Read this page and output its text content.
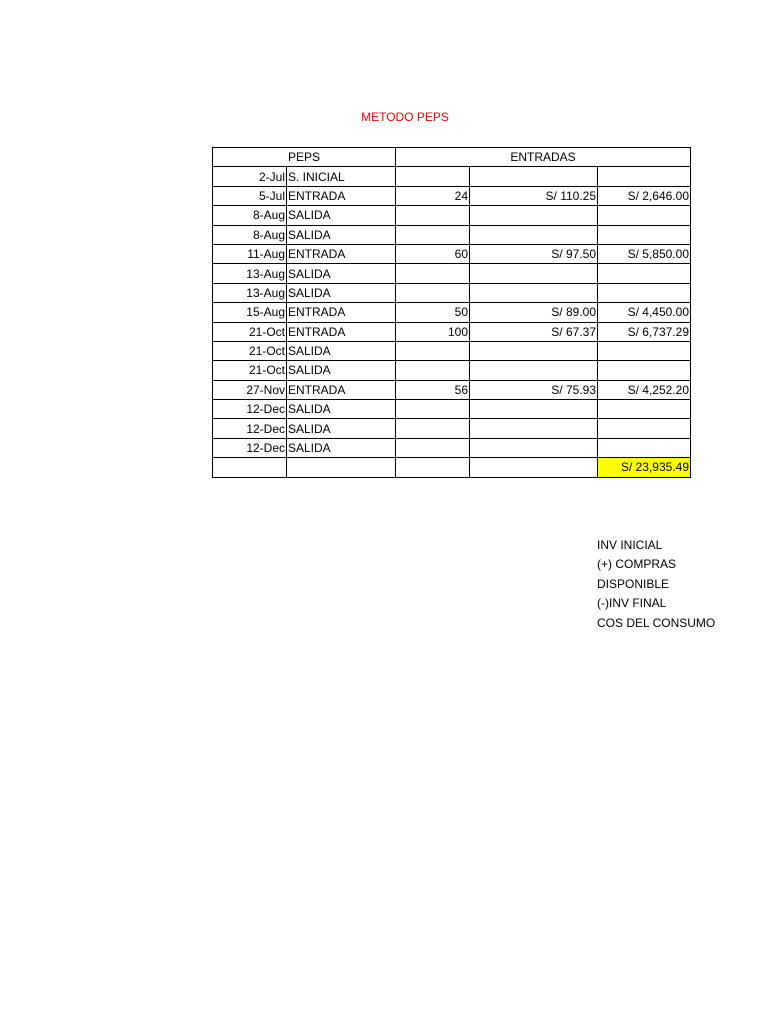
METODO PEPS
PEPS		ENTRADAS		
2-Jul	S. INICIAL			
5-Jul	ENTRADA	24	S/ 110.25	S/ 2,646.00
8-Aug	SALIDA			
8-Aug	SALIDA			
11-Aug	ENTRADA	60	S/ 97.50	S/ 5,850.00
13-Aug	SALIDA			
13-Aug	SALIDA			
15-Aug	ENTRADA	50	S/ 89.00	S/ 4,450.00
21-Oct	ENTRADA	100	S/ 67.37	S/ 6,737.29
21-Oct	SALIDA			
21-Oct	SALIDA			
27-Nov	ENTRADA	56	S/ 75.93	S/ 4,252.20
12-Dec	SALIDA			
12-Dec	SALIDA			
12-Dec	SALIDA			
				S/ 23,935.49
INV INICIAL
(+) COMPRAS
DISPONIBLE
(-)INV FINAL
COS DEL CONSUMO
